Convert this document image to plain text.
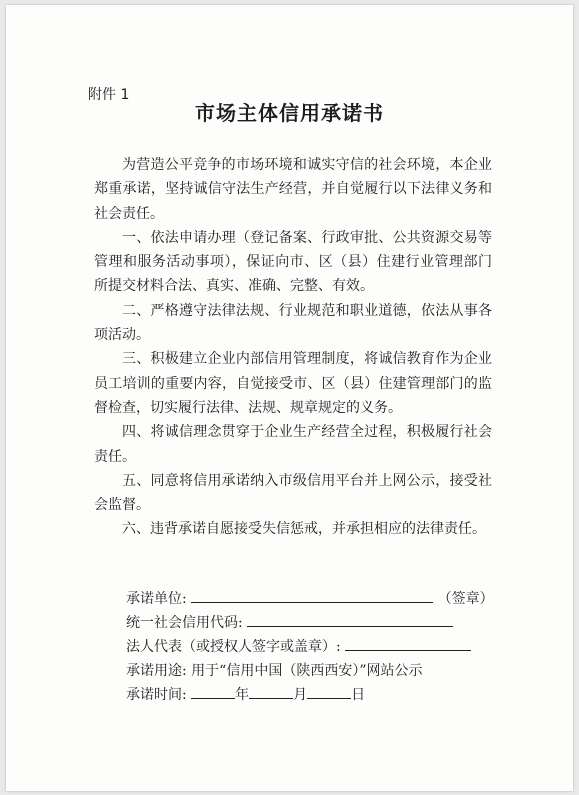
附件 1
市场主体信用承诺书

为营造公平竞争的市场环境和诚实守信的社会环境，本企业郑重承诺，坚持诚信守法生产经营，并自觉履行以下法律义务和社会责任。

一、依法申请办理（登记备案、行政审批、公共资源交易等管理和服务活动事项），保证向市、区（县）住建行业管理部门所提交材料合法、真实、准确、完整、有效。

二、严格遵守法律法规、行业规范和职业道德，依法从事各项活动。

三、积极建立企业内部信用管理制度，将诚信教育作为企业员工培训的重要内容，自觉接受市、区（县）住建管理部门的监督检查，切实履行法律、法规、规章规定的义务。

四、将诚信理念贯穿于企业生产经营全过程，积极履行社会责任。

五、同意将信用承诺纳入市级信用平台并上网公示，接受社会监督。

六、违背承诺自愿接受失信惩戒，并承担相应的法律责任。

承诺单位:	（签章）
统一社会信用代码:
法人代表（或授权人签字或盖章）:
承诺用途: 用于“信用中国（陕西西安）”网站公示
承诺时间:	年	月	日
